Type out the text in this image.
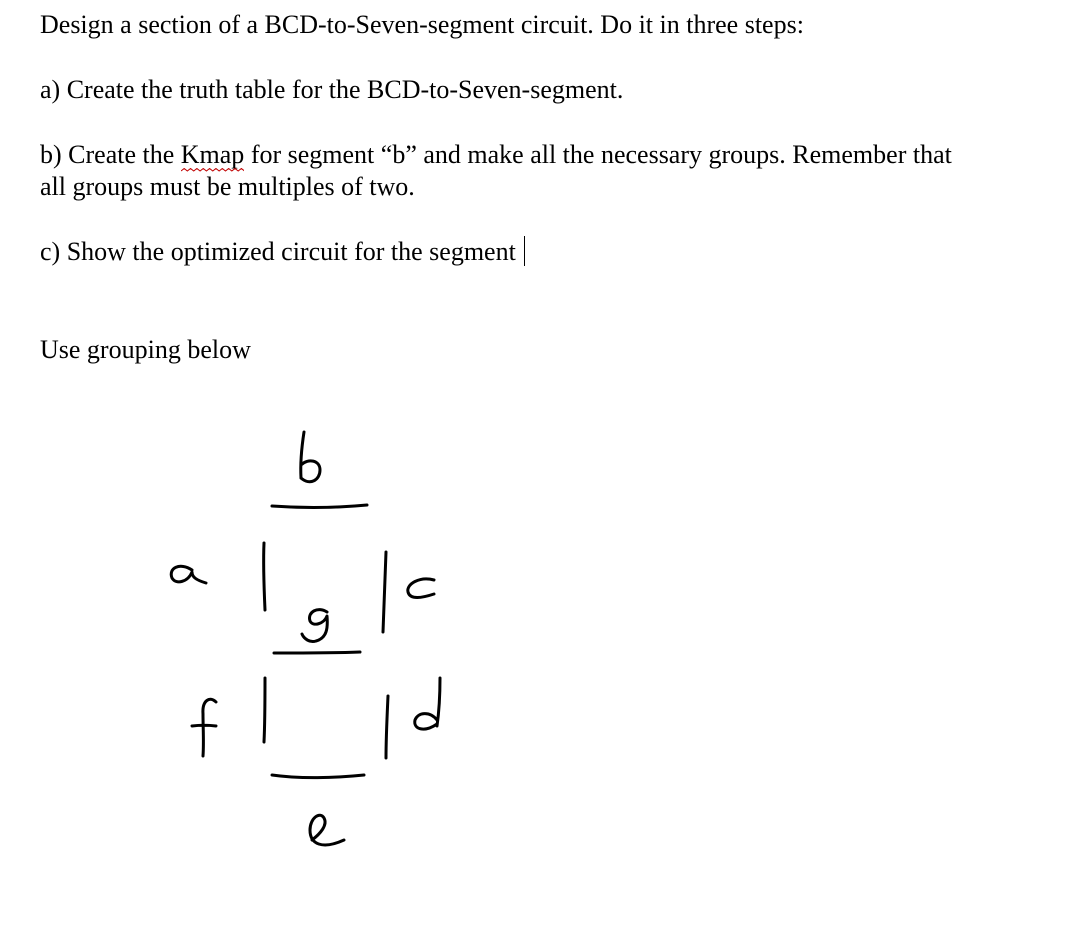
Design a section of a BCD-to-Seven-segment circuit. Do it in three steps:

a) Create the truth table for the BCD-to-Seven-segment.

b) Create the Kmap
for segment “b” and make all the necessary groups. Remember that

all groups must be multiples of two.

c) Show the optimized circuit for the segment

Use grouping below
